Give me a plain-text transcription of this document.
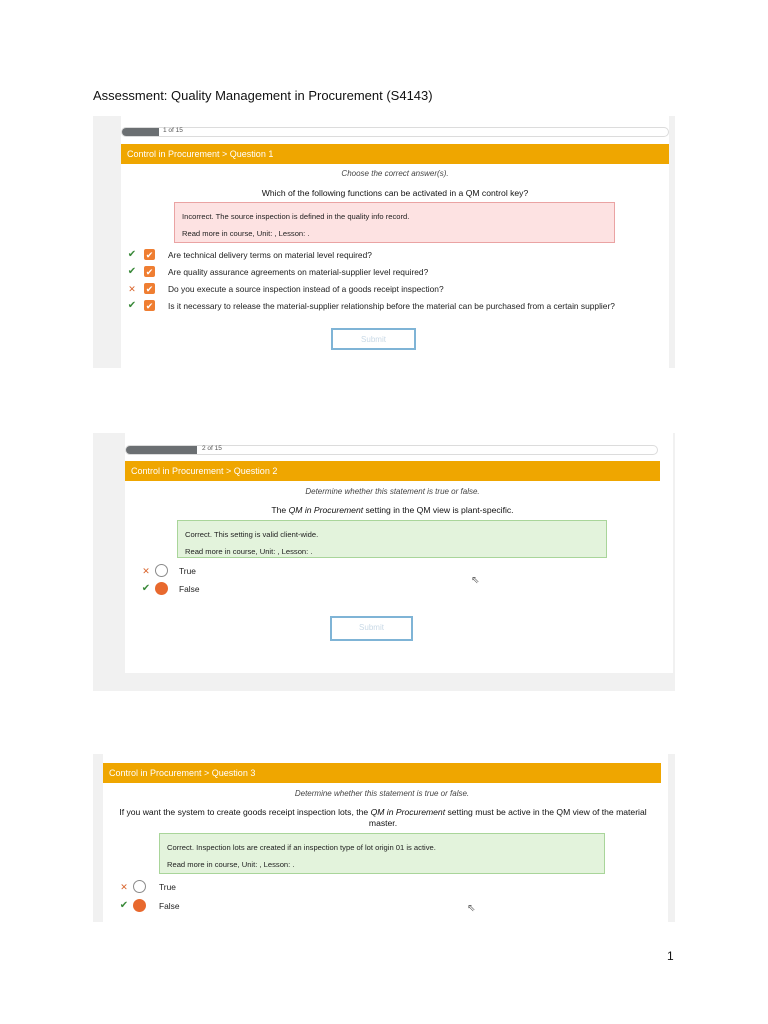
Assessment: Quality Management in Procurement (S4143)
1 of 15
Control in Procurement > Question 1
Choose the correct answer(s).
Which of the following functions can be activated in a QM control key?
Incorrect. The source inspection is defined in the quality info record.
Read more in course, Unit: , Lesson: .
✔ ✔ Are technical delivery terms on material level required?
✔ ✔ Are quality assurance agreements on material-supplier level required?
✕ ✔ Do you execute a source inspection instead of a goods receipt inspection?
✔ ✔ Is it necessary to release the material-supplier relationship before the material can be purchased from a certain supplier?
Submit
2 of 15
Control in Procurement > Question 2
Determine whether this statement is true or false.
The QM in Procurement setting in the QM view is plant-specific.
Correct. This setting is valid client-wide.
Read more in course, Unit: , Lesson: .
✕	True
✔	False
⇖
Submit
Control in Procurement > Question 3
Determine whether this statement is true or false.
If you want the system to create goods receipt inspection lots, the QM in Procurement setting must be active in the QM view of the material master.
Correct. Inspection lots are created if an inspection type of lot origin 01 is active.
Read more in course, Unit: , Lesson: .
✕	True
✔	False	⇖
1
